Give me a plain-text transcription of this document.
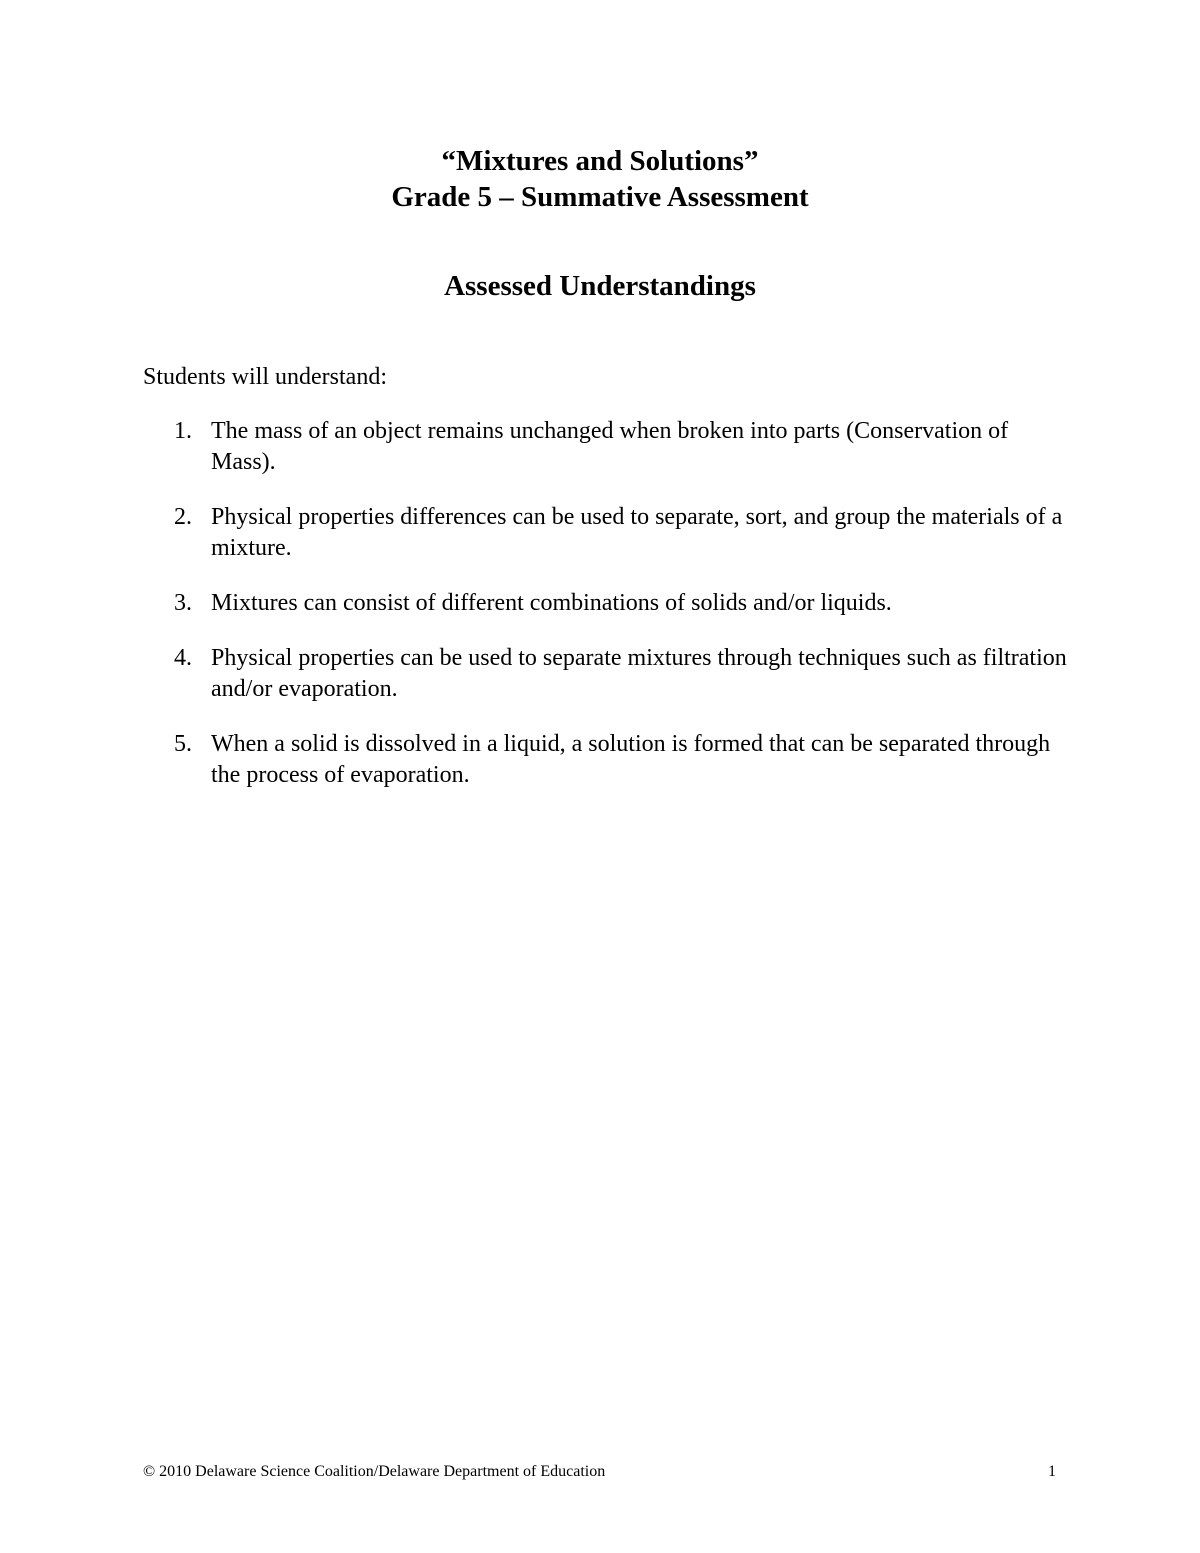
“Mixtures and Solutions”
Grade 5 – Summative Assessment
Assessed Understandings
Students will understand:
1. The mass of an object remains unchanged when broken into parts (Conservation of Mass).
2. Physical properties differences can be used to separate, sort, and group the materials of a mixture.
3. Mixtures can consist of different combinations of solids and/or liquids.
4. Physical properties can be used to separate mixtures through techniques such as filtration and/or evaporation.
5. When a solid is dissolved in a liquid, a solution is formed that can be separated through the process of evaporation.
© 2010 Delaware Science Coalition/Delaware Department of Education	1
